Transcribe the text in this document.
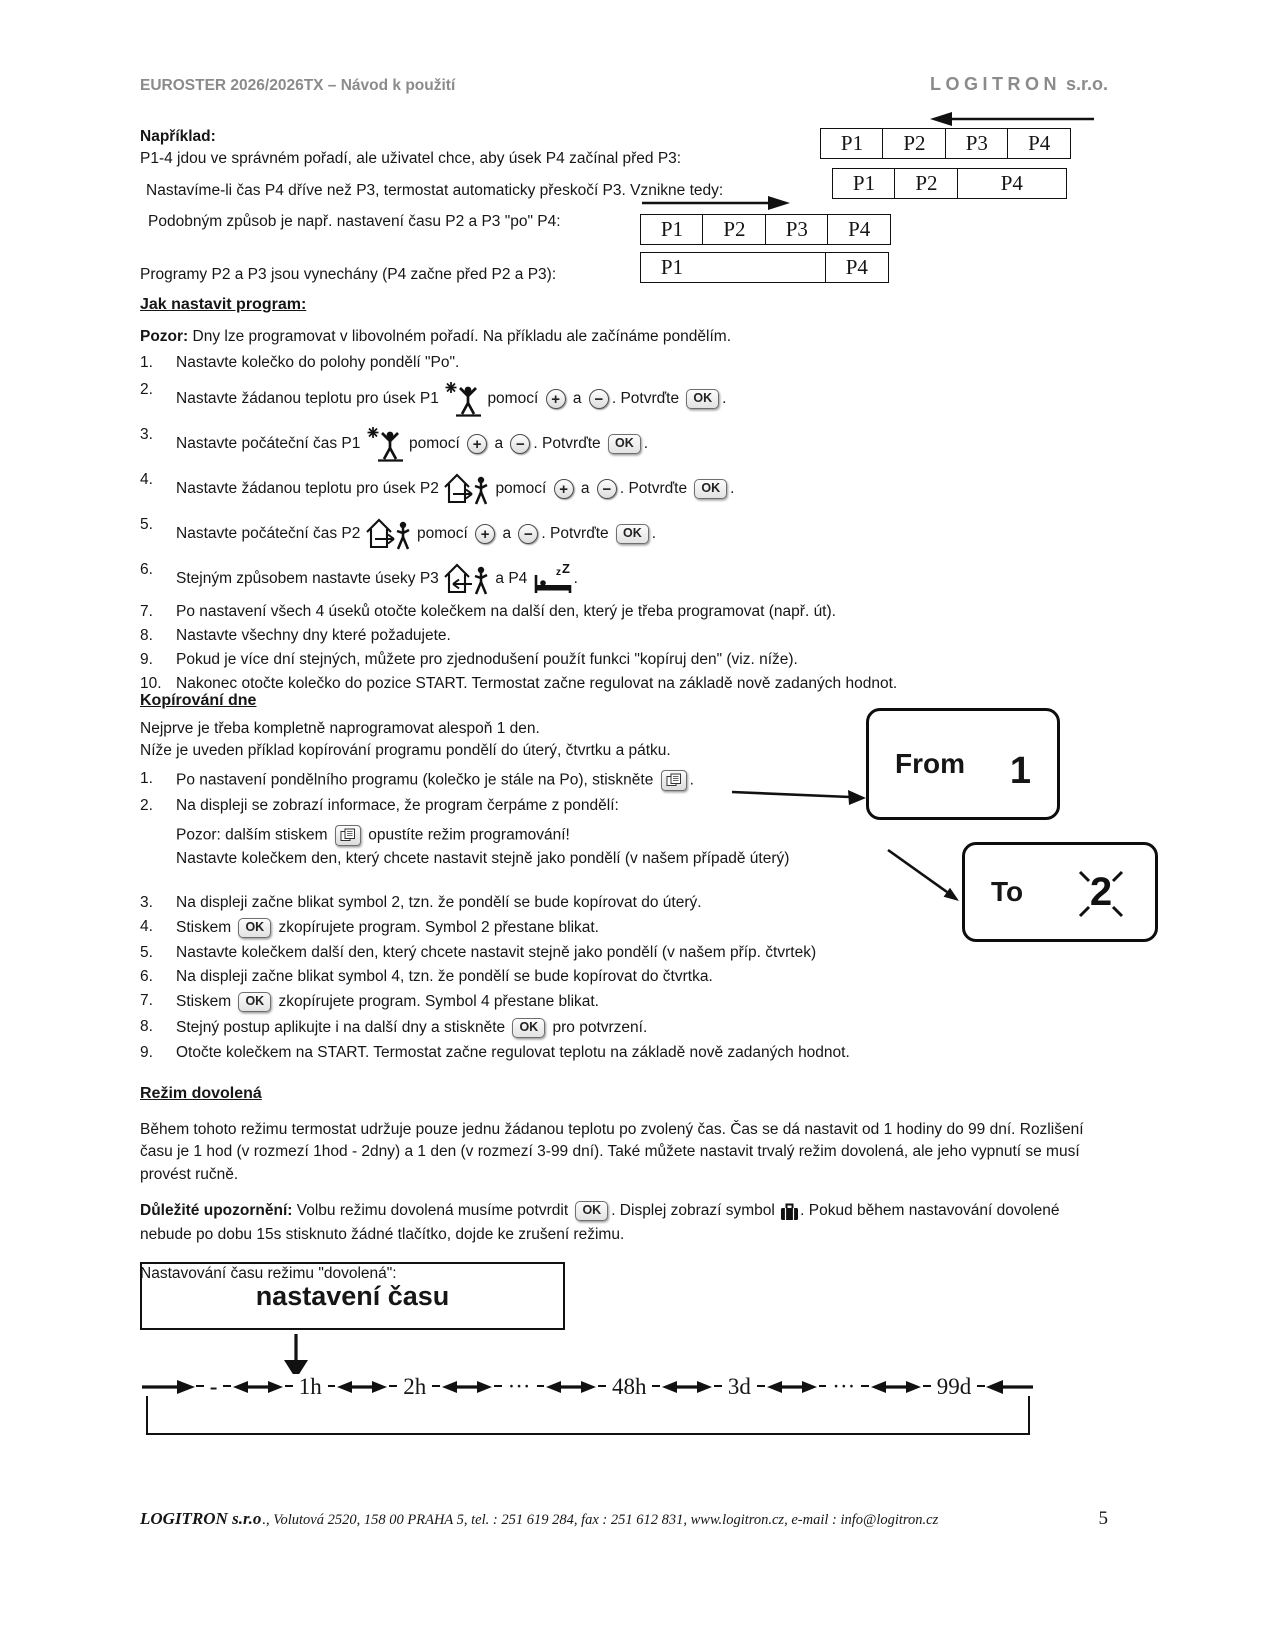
EUROSTER 2026/2026TX – Návod k použití	LOGITRON s.r.o.
Například:
P1-4 jdou ve správném pořadí, ale uživatel chce, aby úsek P4 začínal před P3:
P1	P2	P3	P4
Nastavíme-li čas P4 dříve než P3, termostat automaticky přeskočí P3. Vznikne tedy:	P1	P2	P4
Podobným způsob je např. nastavení času P2 a P3 "po" P4:	P1	P2	P3	P4
Programy P2 a P3 jsou vynechány (P4 začne před P2 a P3):	P1	P4
Jak nastavit program:
Pozor: Dny lze programovat v libovolném pořadí. Na příkladu ale začínáme pondělím.
1.	Nastavte kolečko do polohy pondělí "Po".
2.
Nastavte žádanou teplotu pro úsek P1	pomocí + a − . Potvrďte OK .
3.
Nastavte počáteční čas P1	pomocí + a − . Potvrďte OK .
4.
Nastavte žádanou teplotu pro úsek P2	pomocí + a − . Potvrďte OK .
5.
Nastavte počáteční čas P2	pomocí + a − . Potvrďte OK .
6.
Stejným způsobem nastavte úseky P3	a P4	z Z
.
7.	Po nastavení všech 4 úseků otočte kolečkem na další den, který je třeba programovat (např. út).
8.	Nastavte všechny dny které požadujete.
9.	Pokud je více dní stejných, můžete pro zjednodušení použít funkci "kopíruj den" (viz. níže).
10. Nakonec otočte kolečko do pozice START. Termostat začne regulovat na základě nově zadaných hodnot.
Kopírování dne
Nejprve je třeba kompletně naprogramovat alespoň 1 den.
Níže je uveden příklad kopírování programu pondělí do úterý, čtvrtku a pátku.
1.	Po nastavení pondělního programu (kolečko je stále na Po), stiskněte .
2.	Na displeji se zobrazí informace, že program čerpáme z pondělí:
Pozor: dalším stiskem	opustíte režim programování!
Nastavte kolečkem den, který chcete nastavit stejně jako pondělí (v našem případě úterý)
3.	Na displeji začne blikat symbol 2, tzn. že pondělí se bude kopírovat do úterý.
4.	Stiskem OK zkopírujete program. Symbol 2 přestane blikat.
5.	Nastavte kolečkem další den, který chcete nastavit stejně jako pondělí (v našem příp. čtvrtek)
6.	Na displeji začne blikat symbol 4, tzn. že pondělí se bude kopírovat do čtvrtka.
7.	Stiskem OK zkopírujete program. Symbol 4 přestane blikat.
8.	Stejný postup aplikujte i na další dny a stiskněte OK pro potvrzení.
9.	Otočte kolečkem na START. Termostat začne regulovat teplotu na základě nově zadaných hodnot.
From 1
To 2
Režim dovolená
Během tohoto režimu termostat udržuje pouze jednu žádanou teplotu po zvolený čas. Čas se dá nastavit od 1 hodiny do 99 dní. Rozlišení času je 1 hod (v rozmezí 1hod - 2dny) a 1 den (v rozmezí 3-99 dní). Také můžete nastavit trvalý režim dovolená, ale jeho vypnutí se musí provést ručně.
Důležité upozornění: Volbu režimu dovolená musíme potvrdit OK . Displej zobrazí symbol . Pokud během nastavování dovolené nebude po dobu 15s stisknuto žádné tlačítko, dojde ke zrušení režimu.
Nastavování času režimu "dovolená":
nastavení času
-	1h	2h	···	48h	3d	···	99d
LOGITRON s.r.o ., Volutová 2520, 158 00 PRAHA 5, tel. : 251 619 284, fax : 251 612 831, www.logitron.cz, e-mail : info@logitron.cz	5
